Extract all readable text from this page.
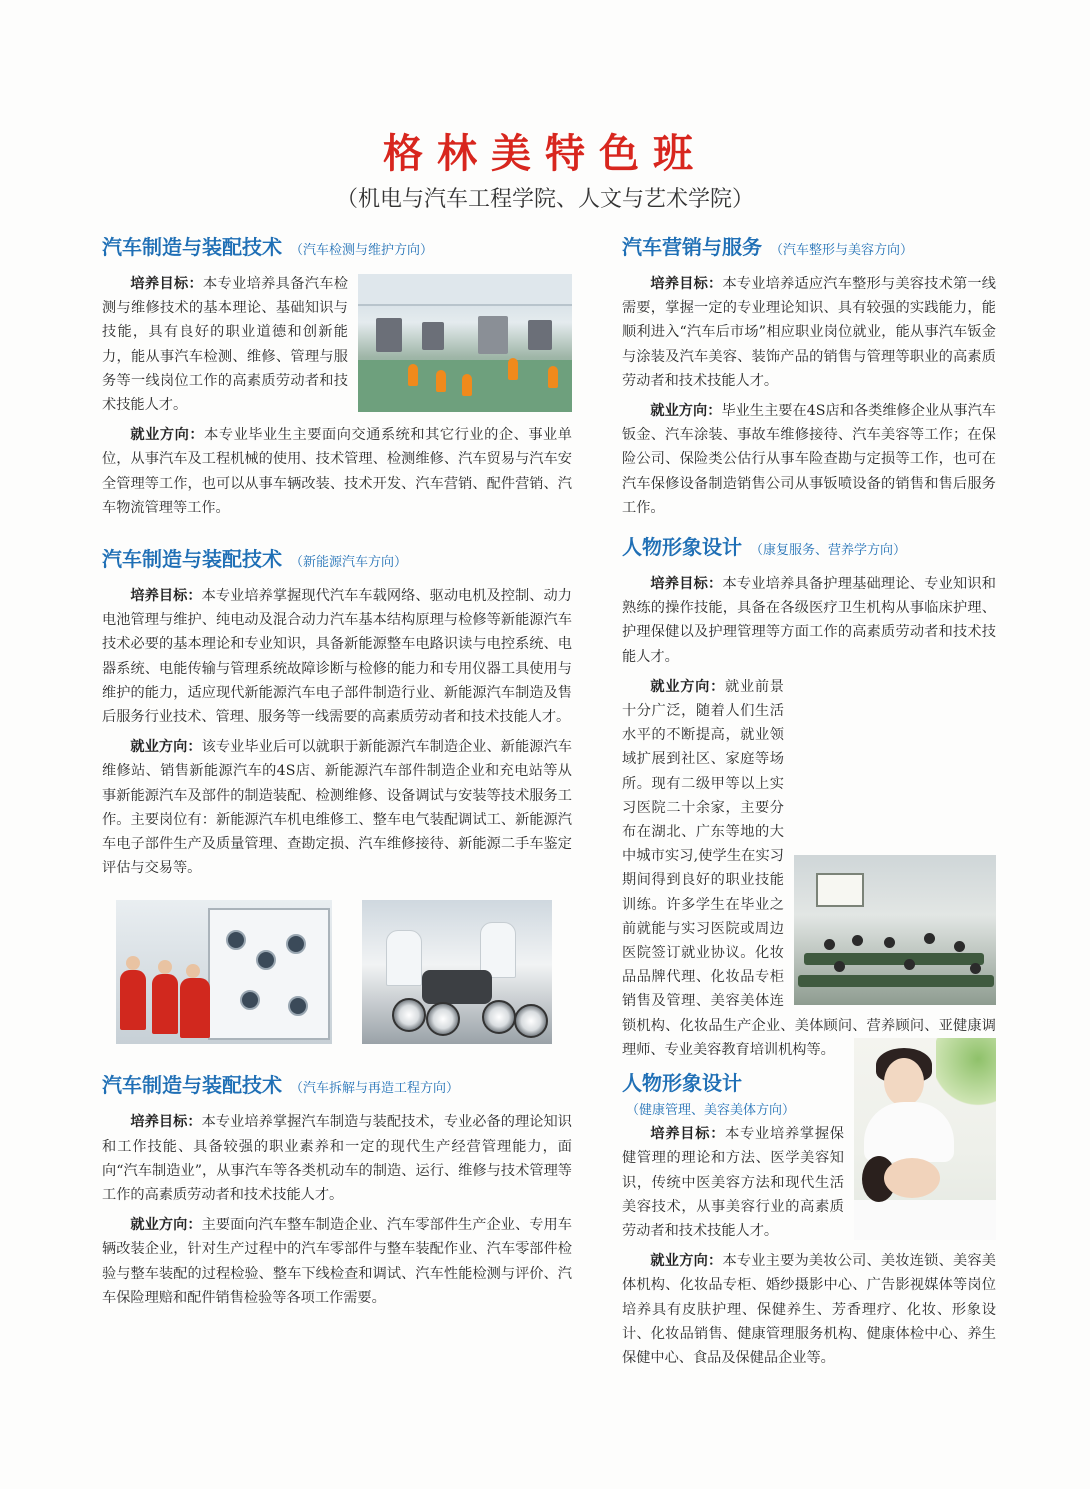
格林美特色班
（机电与汽车工程学院、人文与艺术学院）
汽车制造与装配技术 （汽车检测与维护方向）

培养目标：本专业培养具备汽车检测与维修技术的基本理论、基础知识与技能，具有良好的职业道德和创新能力，能从事汽车检测、维修、管理与服务等一线岗位工作的高素质劳动者和技术技能人才。

就业方向：本专业毕业生主要面向交通系统和其它行业的企、事业单位，从事汽车及工程机械的使用、技术管理、检测维修、汽车贸易与汽车安全管理等工作，也可以从事车辆改装、技术开发、汽车营销、配件营销、汽车物流管理等工作。

汽车制造与装配技术 （新能源汽车方向）

培养目标：本专业培养掌握现代汽车车载网络、驱动电机及控制、动力电池管理与维护、纯电动及混合动力汽车基本结构原理与检修等新能源汽车技术必要的基本理论和专业知识，具备新能源整车电路识读与电控系统、电器系统、电能传输与管理系统故障诊断与检修的能力和专用仪器工具使用与维护的能力，适应现代新能源汽车电子部件制造行业、新能源汽车制造及售后服务行业技术、管理、服务等一线需要的高素质劳动者和技术技能人才。

就业方向：该专业毕业后可以就职于新能源汽车制造企业、新能源汽车维修站、销售新能源汽车的4S店、新能源汽车部件制造企业和充电站等从事新能源汽车及部件的制造装配、检测维修、设备调试与安装等技术服务工作。主要岗位有：新能源汽车机电维修工、整车电气装配调试工、新能源汽车电子部件生产及质量管理、查勘定损、汽车维修接待、新能源二手车鉴定评估与交易等。

汽车制造与装配技术 （汽车拆解与再造工程方向）

培养目标：本专业培养掌握汽车制造与装配技术，专业必备的理论知识和工作技能、具备较强的职业素养和一定的现代生产经营管理能力，面向“汽车制造业”，从事汽车等各类机动车的制造、运行、维修与技术管理等工作的高素质劳动者和技术技能人才。

就业方向：主要面向汽车整车制造企业、汽车零部件生产企业、专用车辆改装企业，针对生产过程中的汽车零部件与整车装配作业、汽车零部件检验与整车装配的过程检验、整车下线检查和调试、汽车性能检测与评价、汽车保险理赔和配件销售检验等各项工作需要。

汽车营销与服务 （汽车整形与美容方向）

培养目标：本专业培养适应汽车整形与美容技术第一线需要，掌握一定的专业理论知识、具有较强的实践能力，能顺利进入“汽车后市场”相应职业岗位就业，能从事汽车钣金与涂装及汽车美容、装饰产品的销售与管理等职业的高素质劳动者和技术技能人才。

就业方向：毕业生主要在4S店和各类维修企业从事汽车钣金、汽车涂装、事故车维修接待、汽车美容等工作；在保险公司、保险类公估行从事车险查勘与定损等工作，也可在汽车保修设备制造销售公司从事钣喷设备的销售和售后服务工作。

人物形象设计 （康复服务、营养学方向）

培养目标：本专业培养具备护理基础理论、专业知识和熟练的操作技能，具备在各级医疗卫生机构从事临床护理、护理保健以及护理管理等方面工作的高素质劳动者和技术技能人才。

就业方向：就业前景十分广泛，随着人们生活水平的不断提高，就业领域扩展到社区、家庭等场所。现有二级甲等以上实习医院二十余家，主要分布在湖北、广东等地的大中城市实习,使学生在实习期间得到良好的职业技能训练。许多学生在毕业之前就能与实习医院或周边医院签订就业协议。化妆品品牌代理、化妆品专柜销售及管理、美容美体连锁机构、化妆品生产企业、美体顾问、营养顾问、亚健康调理师、专业美容教育培训机构等。

人物形象设计
（健康管理、美容美体方向）

培养目标：本专业培养掌握保健管理的理论和方法、医学美容知识，传统中医美容方法和现代生活美容技术，从事美容行业的高素质劳动者和技术技能人才。

就业方向：本专业主要为美妆公司、美妆连锁、美容美体机构、化妆品专柜、婚纱摄影中心、广告影视媒体等岗位培养具有皮肤护理、保健养生、芳香理疗、化妆、形象设计、化妆品销售、健康管理服务机构、健康体检中心、养生保健中心、食品及保健品企业等。
